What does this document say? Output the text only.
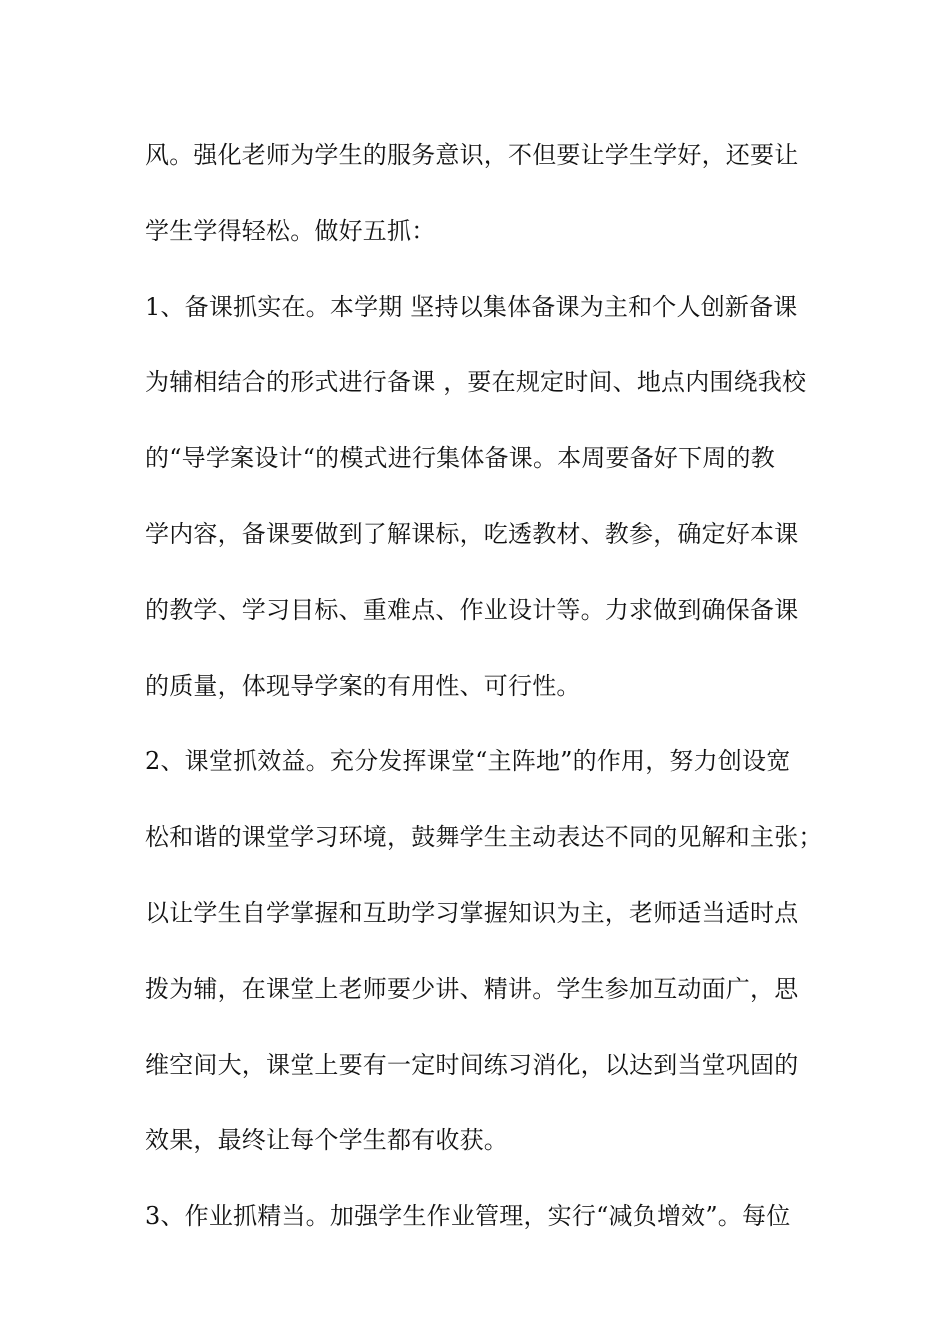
风。强化老师为学生的服务意识，不但要让学生学好，还要让
学生学得轻松。做好五抓：
1、备课抓实在。本学期 坚持以集体备课为主和个人创新备课
为辅相结合的形式进行备课 ，要在规定时间、地点内围绕我校
的“导学案设计“的模式进行集体备课。本周要备好下周的教
学内容，备课要做到了解课标，吃透教材、教参，确定好本课
的教学、学习目标、重难点、作业设计等。力求做到确保备课
的质量，体现导学案的有用性、可行性。
2、课堂抓效益。充分发挥课堂“主阵地”的作用，努力创设宽
松和谐的课堂学习环境，鼓舞学生主动表达不同的见解和主张；
以让学生自学掌握和互助学习掌握知识为主，老师适当适时点
拨为辅，在课堂上老师要少讲、精讲。学生参加互动面广，思
维空间大，课堂上要有一定时间练习消化，以达到当堂巩固的
效果，最终让每个学生都有收获。
3、作业抓精当。加强学生作业管理，实行“减负增效”。每位
